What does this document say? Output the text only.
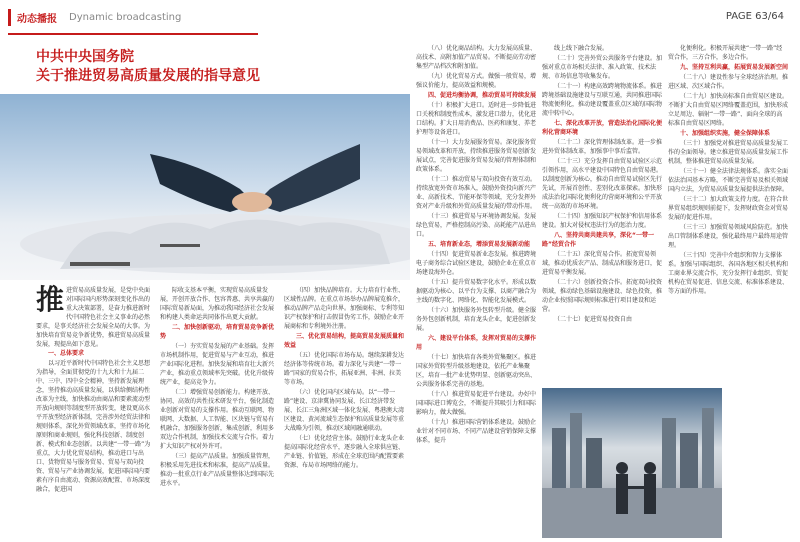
动态播报	Dynamic broadcasting	PAGE 63/64
中共中央国务院
关于推进贸易高质量发展的指导意见
推 进贸易高质量发展，是党中央面对国际国内形势深刻变化作出的重大决策部署，是奋力推进新时代中国特色社会主义事业的必然要求，是事关经济社会发展全局的大事。为加快培育贸易竞争新优势，推进贸易高质量发展，现提出如下意见。

一、总体要求

以习近平新时代中国特色社会主义思想为指导，全面贯彻党的十九大和十九届二中、三中、四中全会精神，坚持新发展理念，坚持推动高质量发展，以供给侧结构性改革为主线，加快推动由商品和要素流动型开放向规则等制度型开放转变，建设更高水平开放型经济新体制，完善涉外经贸法律和规则体系，深化外贸领域改革，坚持市场化原则和商业规则，强化科技创新、制度创新、模式和业态创新。以共建“一带一路”为重点，大力优化贸易结构，推动进口与出口、货物贸易与服务贸易、贸易与双向投资、贸易与产业协调发展，促进国际国内要素有序自由流动、资源高效配置、市场深度融合，促进国

际收支基本平衡，实现贸易高质量发展，开创开放合作、包容普惠、共享共赢的国际贸易新局面，为推动我国经济社会发展和构建人类命运共同体作出更大贡献。

二、加快创新驱动，培育贸易竞争新优势

（一）夯实贸易发展的产业基础。发挥市场机制作用，促进贸易与产业互动，推进产业国际化进程。加快发展和培育壮大新兴产业，推动重点领域率先突破。优化升级传统产业，提高竞争力。

（二）增强贸易创新能力。构建开放、协同、高效的共性技术研发平台，强化制造业创新对贸易的支撑作用。推动互联网、物联网、大数据、人工智能、区块链与贸易有机融合，加强服务创新，集成创新，利用多双边合作机制，加强技术交流与合作。着力扩大知识产权对外许可。

（三）提高产品质量。加强质量管理，积极采用先进技术和标准，提高产品质量。推动一批重点行业产品质量整体达到国际先进水平。

（四）加快品牌培育。大力培育行业性、区域性品牌。在重点市场举办品牌展览推介，推动品牌产品走向世界。加强商标、专利等知识产权保护和打击假冒伪劣工作，鼓励企业开展商标和专利境外注册。

三、优化贸易结构，提高贸易发展质量和效益

（五）优化国际市场布局。继续深耕发达经济体等传统市场。着力深化与共建“一带一路”国家的贸易合作，拓展亚洲、非洲、拉美等市场。

（六）优化国内区域布局。以“一带一路”建设、京津冀协同发展、长江经济带发展、长江三角洲区域一体化发展、粤港澳大湾区建设、黄河流域生态保护和高质量发展等重大战略为引领，推动区域间融通联动。

（七）优化经营主体。鼓励行业龙头企业提高国际化经营水平，逐步融入全球供应链、产业链、价值链，形成在全球范围内配置要素资源、布局市场网络的能力。

（八）优化商品结构。大力发展高质量、高技术、高附加值产品贸易。不断提高劳动密集型产品档次和附加值。

（九）优化贸易方式。做强一般贸易，增强议价能力，提高效益和规模。

四、促进均衡协调，推动贸易可持续发展

（十）积极扩大进口。适时进一步降低进口关税和制度性成本，激发进口潜力，优化进口结构。扩大日用消费品、医药和康复、养老护理等设备进口。

（十一）大力发展服务贸易。深化服务贸易领域改革和开放，持续推进服务贸易创新发展试点，完善促进服务贸易发展的管理体制和政策体系。

（十二）推动贸易与双向投资有效互动。持续放宽外资市场准入，鼓励外资投向新兴产业、高新技术、节能环保等领域，充分发挥外资对产业升级和外贸高质量发展的带动作用。

（十三）推进贸易与环境协调发展。发展绿色贸易，严格控制高污染、高耗能产品进出口。

五、培育新业态，增添贸易发展新动能

（十四）促进贸易新业态发展。推进跨境电子商务综合试验区建设，鼓励企业在重点市场建设海外仓。

（十五）提升贸易数字化水平。形成以数据驱动为核心、以平台为支撑、以商产融合为主线的数字化、网络化、智能化发展模式。

（十六）加快服务外包转型升级。健全服务外包创新机制，培育龙头企业，促进创新发展。

六、建设平台体系，发挥对贸易的支撑作用

（十七）加快培育各类外贸集聚区。推进国家外贸转型升级基地建设，依托产业集聚区，培育一批产业优势明显、创新驱动突出、公共服务体系完善的基地。

（十八）推进贸易促进平台建设。办好中国国际进口博览会，不断提升其吸引力和国际影响力，做大做强。

（十九）推进国际营销体系建设。鼓励企业针对不同市场、不同产品建设营销保障支撑体系，提升

线上线下融合发展。

（二十）完善外贸公共服务平台建设。加强对重点市场相关法律、准入政策、技术法规、市场信息等收集发布。

（二十一）构建高效跨境物流体系。推进跨境基础设施建设与互联互通，共同推进国际物流便利化，推动建设覆盖重点区域的国际物流中转中心。

七、深化改革开放，营造法治化国际化便利化营商环境

（二十二）深化管理体制改革。进一步推进外贸体制改革，加强事中事后监管。

（二十三）充分发挥自由贸易试验区示范引领作用，高水平建设中国特色自由贸易港。以制度创新为核心，推动自由贸易试验区先行先试，开展首创性、差别化改革探索。加快形成法治化国际化便利化的营商环境和公平开放统一高效的市场环境。

（二十四）加强知识产权保护和信用体系建设。加大对侵权违法行为的惩治力度。

八、坚持共商共建共享，深化“一带一路”经贸合作

（二十五）深化贸易合作。拓宽贸易领域，推动优质农产品、制成品和服务进口，促进贸易平衡发展。

（二十六）创新投资合作。拓宽双向投资领域，推动绿色基础设施建设、绿色投资，推动企业按照国际规则标准进行项目建设和运营。

（二十七）促进贸易投资自由

化便利化。积极开展共建“一带一路”经贸合作，三方合作，多边合作。

九、坚持互利共赢，拓展贸易发展新空间

（二十八）建设性参与全球经济治理。推进区域、次区域合作。

（二十九）加快高标准自由贸易区建设。不断扩大自由贸易区网络覆盖范围，加快形成立足周边、辐射“一带一路”、面向全球的高标准自由贸易区网络。

十、加强组织实施，健全保障体系

（三十）加强党对推进贸易高质量发展工作的全面领导。建立推进贸易高质量发展工作机制，整体推进贸易高质量发展。

（三十一）健全法律法规体系。落实全面依法治国基本方略，不断完善贸易及相关领域国内立法，为贸易高质量发展提供法治保障。

（三十二）加大政策支持力度。在符合世界贸易组织规则前提下，发挥财政资金对贸易发展的促进作用。

（三十三）加强贸易领域风险防范。加快出口管制体系建设，强化最终用户最终用途管理。

（三十四）完善中介组织和智力支撑体系。加强与国际组织、各国各地区相关机构和工商业界交流合作，充分发挥行业组织、贸促机构在贸易促进、信息交流、标准体系建设、等方面的作用。
